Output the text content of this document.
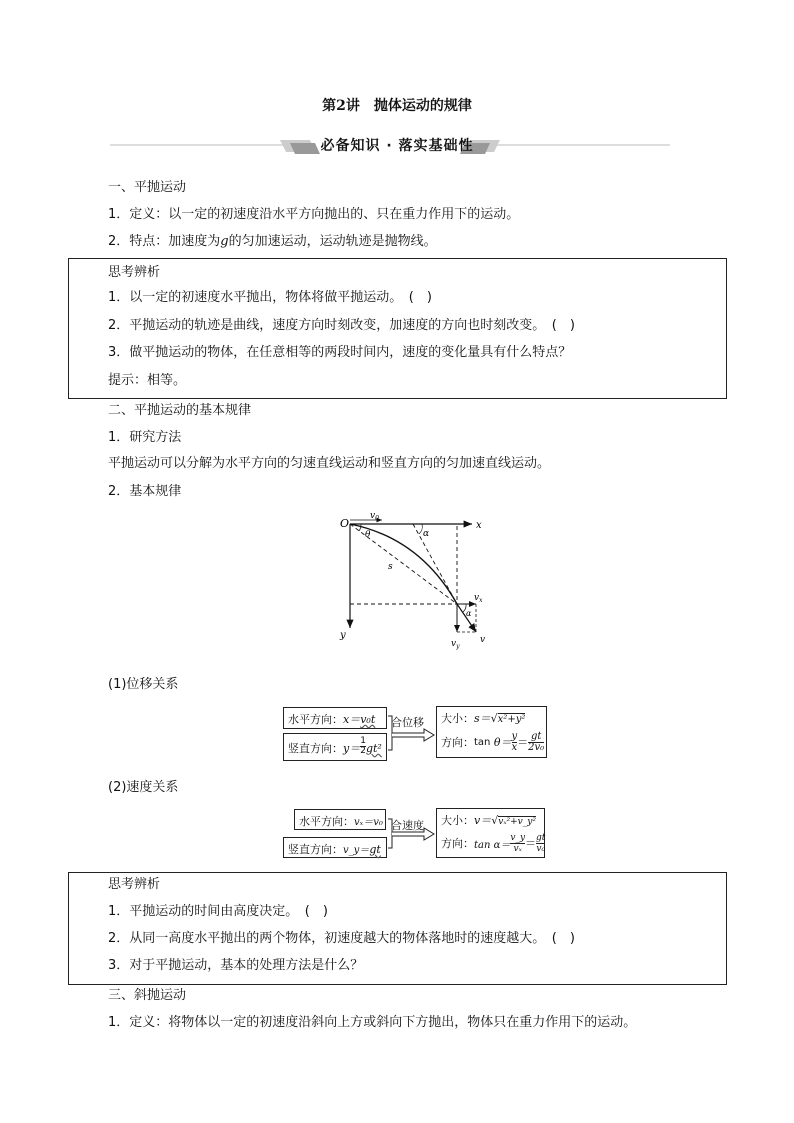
第2讲　抛体运动的规律
必备知识 · 落实基础性
一、平抛运动
1．定义：以一定的初速度沿水平方向抛出的、只在重力作用下的运动。
2．特点：加速度为g的匀加速运动，运动轨迹是抛物线。
思考辨析
1．以一定的初速度水平抛出，物体将做平抛运动。　(　)
2．平抛运动的轨迹是曲线，速度方向时刻改变，加速度的方向也时刻改变。　(　)
3．做平抛运动的物体，在任意相等的两段时间内，速度的变化量具有什么特点？
提示：相等。
二、平抛运动的基本规律
1．研究方法
平抛运动可以分解为水平方向的匀速直线运动和竖直方向的匀加速直线运动。
2．基本规律
O
$v_0$
x
y
θ	α
s
$v_x$
α
$v_y$
v
(1)位移关系
水平方向：x＝v₀t
竖直方向：$y= \frac{1}{2} gt^2$
合位移 大小：s＝√x²+y²
方向： tan
θ＝ y
x ＝ gt
2v₀
(2)速度关系
水平方向：vₓ＝v₀
竖直方向：v_y＝gt
合速度 大小：v＝√vₓ²+v_y²
方向： tan α＝
v_y
vₓ ＝ gt
v₀
思考辨析
1．平抛运动的时间由高度决定。　(　)
2．从同一高度水平抛出的两个物体，初速度越大的物体落地时的速度越大。　(　)
3．对于平抛运动，基本的处理方法是什么？
三、斜抛运动
1．定义：将物体以一定的初速度沿斜向上方或斜向下方抛出，物体只在重力作用下的运动。
